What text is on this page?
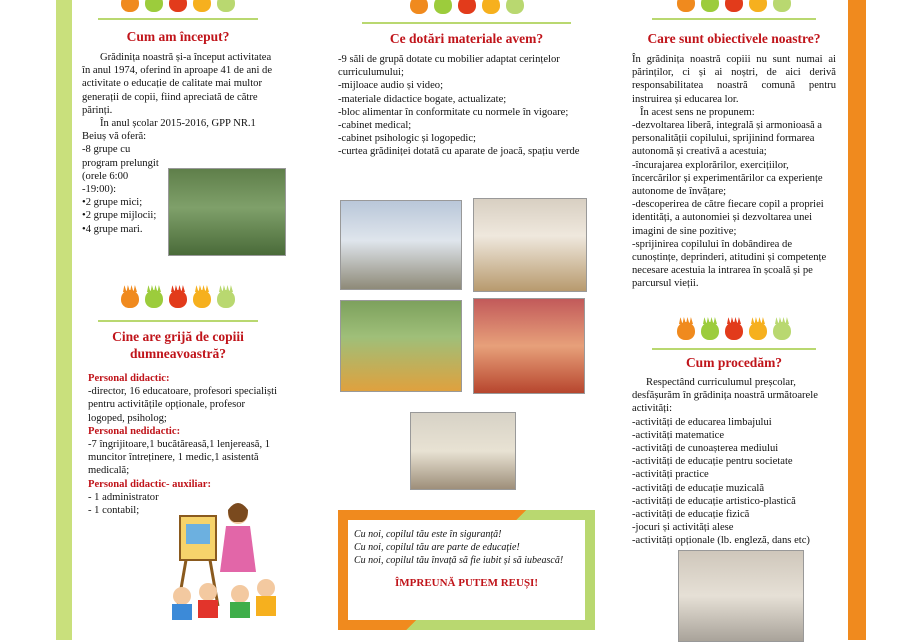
Cum am început?
Grădinița noastră și-a început activitatea în anul 1974, oferind în aproape 41 de ani de activitate o educație de calitate mai multor generații de copii, fiind apreciată de către părinți.
În anul școlar 2015-2016, GPP NR.1 Beiuș vă oferă:
-8 grupe cu program prelungit (orele 6:00 -19:00):
•2 grupe mici;
•2 grupe mijlocii;
•4 grupe mari.
Cine are grijă de copiii dumneavoastră?
Personal didactic:
-director, 16 educatoare, profesori specialiști pentru activitățile opționale, profesor logoped, psiholog;
Personal nedidactic:
-7 îngrijitoare,1 bucătăreasă,1 lenjereasă, 1 muncitor întreținere, 1 medic,1 asistentă medicală;
Personal didactic- auxiliar:
- 1 administrator
- 1 contabil;
Ce dotări materiale avem?
-9 săli de grupă dotate cu mobilier adaptat cerințelor curriculumului;
-mijloace audio și video;
-materiale didactice bogate, actualizate;
-bloc alimentar în conformitate cu normele în vigoare;
-cabinet medical;
-cabinet psihologic și logopedic;
-curtea grădiniței dotată cu aparate de joacă, spațiu verde
Cu noi, copilul tău este în siguranță!
Cu noi, copilul tău are parte de educație!
Cu noi, copilul tău învață să fie iubit și să iubească!
ÎMPREUNĂ PUTEM REUȘI!
Care sunt obiectivele noastre?
În grădinița noastră copiii nu sunt numai ai părinților, ci și ai noștri, de aici derivă responsabilitatea noastră comună pentru instruirea și educarea lor.
În acest sens ne propunem:
-dezvoltarea liberă, integrală și armonioasă a personalității copilului, sprijinind formarea autonomă și creativă a acestuia;
-încurajarea explorărilor, exercițiilor, încercărilor și experimentărilor ca experiențe autonome de învățare;
-descoperirea de către fiecare copil a propriei identități, a autonomiei și dezvoltarea unei imagini de sine pozitive;
-sprijinirea copilului în dobândirea de cunoștințe, deprinderi, atitudini și competențe necesare acestuia la intrarea în școală și pe parcursul vieții.
Cum procedăm?
Respectând curriculumul preșcolar, desfășurăm în grădinița noastră următoarele activități:
-activități de educarea limbajului
-activități matematice
-activități de cunoașterea mediului
-activități de educație pentru societate
-activități practice
-activități de educație muzicală
-activități de educație artistico-plastică
-activități de educație fizică
-jocuri și activități alese
-activități opționale (lb. engleză, dans etc)
